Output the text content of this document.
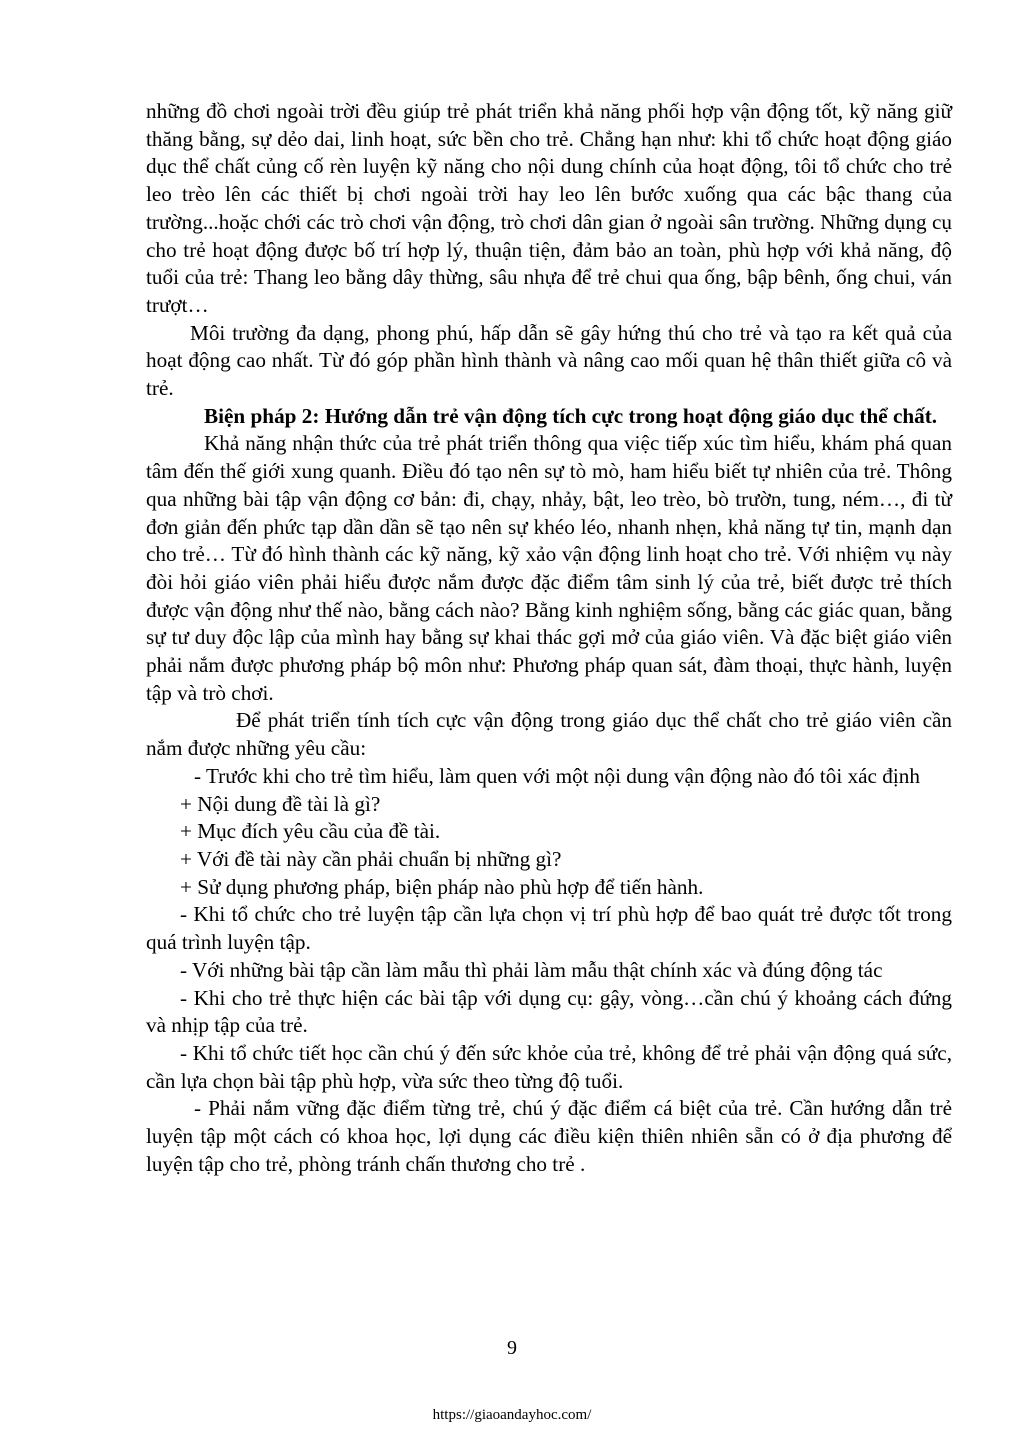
những đồ chơi ngoài trời đều giúp trẻ phát triển khả năng phối hợp vận động tốt, kỹ năng giữ thăng bằng, sự dẻo dai, linh hoạt, sức bền cho trẻ. Chẳng hạn như: khi tổ chức hoạt động giáo dục thể chất củng cố rèn luyện kỹ năng cho nội dung chính của hoạt động, tôi tổ chức cho trẻ leo trèo lên các thiết bị chơi ngoài trời hay leo lên bước xuống qua các bậc thang của trường...hoặc chới các trò chơi vận động, trò chơi dân gian ở ngoài sân trường. Những dụng cụ cho trẻ hoạt động được bố trí hợp lý, thuận tiện, đảm bảo an toàn, phù hợp với khả năng, độ tuổi của trẻ: Thang leo bằng dây thừng, sâu nhựa để trẻ chui qua ống, bập bênh, ống chui, ván trượt…

Môi trường đa dạng, phong phú, hấp dẫn sẽ gây hứng thú cho trẻ và tạo ra kết quả của hoạt động cao nhất. Từ đó góp phần hình thành và nâng cao mối quan hệ thân thiết giữa cô và trẻ.

Biện pháp 2: Hướng dẫn trẻ vận động tích cực trong hoạt động giáo dục thể chất.

Khả năng nhận thức của trẻ phát triển thông qua việc tiếp xúc tìm hiểu, khám phá quan tâm đến thế giới xung quanh. Điều đó tạo nên sự tò mò, ham hiểu biết tự nhiên của trẻ. Thông qua những bài tập vận động cơ bản: đi, chạy, nhảy, bật, leo trèo, bò trườn, tung, ném…, đi từ đơn giản đến phức tạp dần dần sẽ tạo nên sự khéo léo, nhanh nhẹn, khả năng tự tin, mạnh dạn cho trẻ… Từ đó hình thành các kỹ năng, kỹ xảo vận động linh hoạt cho trẻ. Với nhiệm vụ này đòi hỏi giáo viên phải hiểu được nắm được đặc điểm tâm sinh lý của trẻ, biết được trẻ thích được vận động như thế nào, bằng cách nào? Bằng kinh nghiệm sống, bằng các giác quan, bằng sự tư duy độc lập của mình hay bằng sự khai thác gợi mở của giáo viên. Và đặc biệt giáo viên phải nắm được phương pháp bộ môn như: Phương pháp quan sát, đàm thoại, thực hành, luyện tập và trò chơi.

Để phát triển tính tích cực vận động trong giáo dục thể chất cho trẻ giáo viên cần nắm được những yêu cầu:

- Trước khi cho trẻ tìm hiểu, làm quen với một nội dung vận động nào đó tôi xác định

+ Nội dung đề tài là gì?

+ Mục đích yêu cầu của đề tài.

+ Với đề tài này cần phải chuẩn bị những gì?

+ Sử dụng phương pháp, biện pháp nào phù hợp để tiến hành.

- Khi tổ chức cho trẻ luyện tập cần lựa chọn vị trí phù hợp để bao quát trẻ được tốt trong quá trình luyện tập.

- Với những bài tập cần làm mẫu thì phải làm mẫu thật chính xác và đúng động tác

- Khi cho trẻ thực hiện các bài tập với dụng cụ: gậy, vòng…cần chú ý khoảng cách đứng và nhịp tập của trẻ.

- Khi tổ chức tiết học cần chú ý đến sức khỏe của trẻ, không để trẻ phải vận động quá sức, cần lựa chọn bài tập phù hợp, vừa sức theo từng độ tuổi.

- Phải nắm vững đặc điểm từng trẻ, chú ý đặc điểm cá biệt của trẻ. Cần hướng dẫn trẻ luyện tập một cách có khoa học, lợi dụng các điều kiện thiên nhiên sẵn có ở địa phương để luyện tập cho trẻ, phòng tránh chấn thương cho trẻ .

9
https://giaoandayhoc.com/
